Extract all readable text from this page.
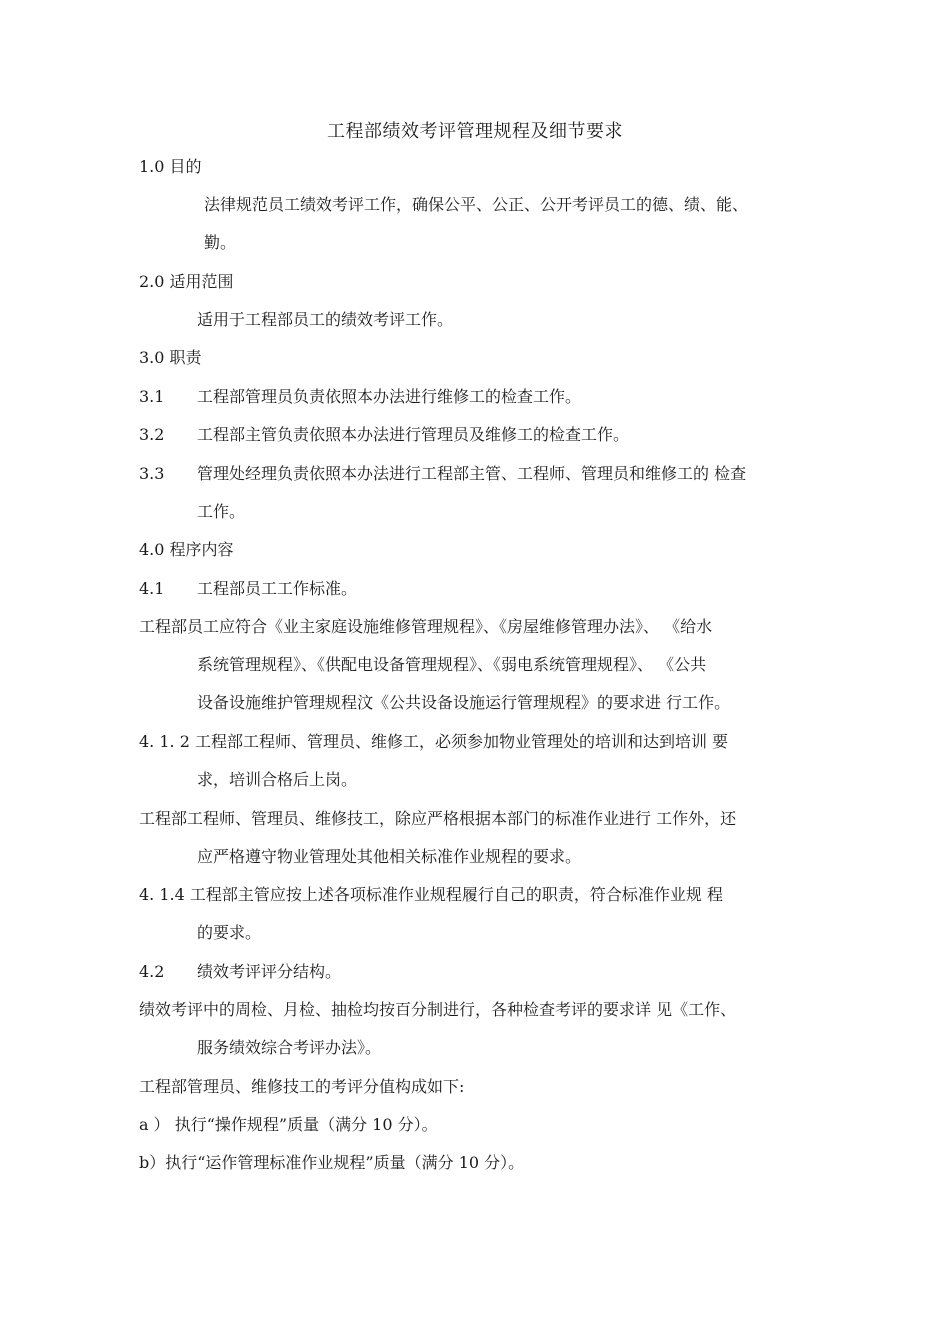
工程部绩效考评管理规程及细节要求
1.0 目的
法律规范员工绩效考评工作，确保公平、公正、公开考评员工的德、绩、能、
勤。
2.0 适用范围
适用于工程部员工的绩效考评工作。
3.0 职责
3.1 工程部管理员负责依照本办法进行维修工的检查工作。
3.2 工程部主管负责依照本办法进行管理员及维修工的检查工作。
3.3 管理处经理负责依照本办法进行工程部主管、工程师、管理员和维修工的 检查
工作。
4.0 程序内容
4.1 工程部员工工作标准。
工程部员工应符合《业主家庭设施维修管理规程》、《房屋维修管理办法》、 《给水
系统管理规程》、《供配电设备管理规程》、《弱电系统管理规程》、 《公共
设备设施维护管理规程汶《公共设备设施运行管理规程》的要求进 行工作。
4. 1. 2 工程部工程师、管理员、维修工，必须参加物业管理处的培训和达到培训 要
求，培训合格后上岗。
工程部工程师、管理员、维修技工，除应严格根据本部门的标准作业进行 工作外，还
应严格遵守物业管理处其他相关标准作业规程的要求。
4. 1.4 工程部主管应按上述各项标准作业规程履行自己的职责，符合标准作业规 程
的要求。
4.2 绩效考评评分结构。
绩效考评中的周检、月检、抽检均按百分制进行，各种检查考评的要求详 见《工作、
服务绩效综合考评办法》。
工程部管理员、维修技工的考评分值构成如下:
a ） 执行“操作规程”质量（满分 10 分）。
b）执行“运作管理标准作业规程”质量（满分 10 分）。
